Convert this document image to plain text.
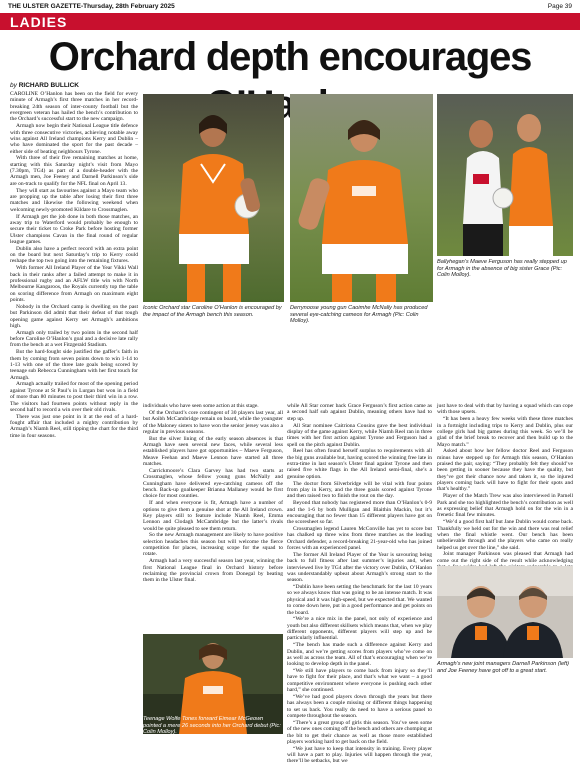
THE ULSTER GAZETTE-Thursday, 28th February 2025	Page 39
LADIES
Orchard depth encourages
by RICHARD BULLICK

CAROLINE O’Hanlon has been on the field for every minute of Armagh’s first three matches in her record-breaking 24th season of inter-county football but the evergreen veteran has hailed the bench’s contribution to the Orchard’s successful start to the new campaign.

Armagh now begin their National League title defence with three consecutive victories, achieving notable away wins against All Ireland champions Kerry and Dublin – who have dominated the sport for the past decade – either side of beating neighbours Tyrone.

With three of their five remaining matches at home, starting with this Saturday night’s visit from Mayo (7.30pm, TG4) as part of a double-header with the Armagh men, Joe Feeney and Darnell Parkinson’s side are on-track to qualify for the NFL final on April 13.

They will start as favourites against a Mayo team who are propping up the table after losing their first three matches and likewise the following weekend when welcoming newly-promoted Kildare to Crossmaglen.

If Armagh get the job done in both those matches, an away trip to Waterford would probably be enough to secure their ticket to Croke Park before hosting former Ulster champions Cavan in the final round of regular league games.

Dublin also have a perfect record with an extra point on the board but next Saturday’s trip to Kerry could reshape the top two going into the remaining fixtures.

With former All Ireland Player of the Year Vikki Wall back in their ranks after a failed attempt to make it in professional rugby and an AFLW title win with North Melbourne Kangaroos, the Royals currently top the table on scoring difference from Armagh on maximum eight points.

Nobody in the Orchard camp is dwelling on the past but Parkinson did admit that their defeat of that tough opening game against Kerry set Armagh’s ambitions high.

Armagh only trailed by two points in the second half before Caroline O’Hanlon’s goal and a decisive late rally from the bench at a wet Fitzgerald Stadium.

But the hard-fought side justified the gaffer’s faith in them by coming from seven points down to win 1-14 to 1-13 with one of the three late goals being scored by teenage sub Rebecca Cunningham with her first touch for Armagh.

Armagh actually trailed for most of the opening period against Tyrone at St Paul’s in Lurgan but won in a field of more than 80 minutes to post their third win in a row. The visitors had fourteen points without reply in the second half to record a win over their old rivals.

There was just one point in it at the end of a hard-fought affair that included a mighty contribution by Armagh’s Niamh Reel, still tipping the chart for the third time in four seasons.

individuals who have seen some action at this stage.

Of the Orchard’s core contingent of 30 players last year, all but Aoibh McCambridge remain on board, while the youngster of the Maloney sisters to have won the senior jersey was also a regular in previous seasons.

But the silver lining of the early season absences is that Armagh have seen several new faces, while several less established players have got opportunities – Maeve Ferguson, Meave Feehan and Maeve Lennon have started all three matches.

Carrickmoore’s Clara Garvey has had two starts at Crossmaglen, whose fellow young guns McNally and Cunningham have delivered eye-catching cameos off the bench. Back-up goalkeeper Brianna Mallaney would be first choice for most counties.

If and when everyone is fit, Armagh have a number of options to give them a genuine shot at the All Ireland crown. Key players still to feature include Niamh Reel, Emma Lennon and Clodagh McCambridge but the latter’s rivals would be quite pleased to see them return.

So the new Armagh management are likely to have positive selection headaches this season but will welcome the fierce competition for places, increasing scope for the squad to rotate.

Armagh had a very successful season last year, winning the first National League final in Orchard history before reclaiming the provincial crown from Donegal by beating them in the Ulster final.

while All Star corner back Grace Ferguson’s first action came as a second half sub against Dublin, meaning others have had to step up.

All Star nominee Caitriona Cousins gave the best individual display of the game against Kerry, while Niamh Reel ran in three times with her first action against Tyrone and Ferguson had a spell on the pitch against Dublin.

Reel has often found herself surplus to requirements with all the big guns available but, having scored the winning free late in extra-time in last season’s Ulster final against Tyrone and then raised five white flags in the All Ireland semi-final, she’s a genuine option.

The doctor from Silverbridge will be vital with four points from play in Kerry, and the three goals scored against Tyrone and then raised two to finish the rout on the day.

Beyond that nobody has registered more than O’Hanlon’s 0-9 and the 1-6 by both Mulligan and Blaithin Mackin, but it’s encouraging that no fewer than 15 different players have got on the scoresheet so far.

Crossmaglen legend Lauren McConville has yet to score but has chalked up three wins from three matches as the leading Orchard defender, a record-breaking 21-year-old who has joined forces with an experienced panel.

The former All Ireland Player of the Year is savouring being back to full fitness after last summer’s injuries and, when interviewed live by TG4 after the victory over Dublin, O’Hanlon was understandably upbeat about Armagh’s strong start to the season.

“Dublin have been setting the benchmark for the last 10 years so we always know that was going to be an intense match. It was physical and it was high-speed, but we expected that. We wanted to come down here, put in a good performance and get points on the board.

“We’re a nice mix in the panel, not only of experience and youth but also different skillsets which means that, when we play different opponents, different players will step up and be particularly influential.

“The bench has made such a difference against Kerry and Dublin, and we’re getting scores from players who’ve come on as well as across the team. All of that’s encouraging when we’re looking to develop depth in the panel.

“We still have players to come back from injury so they’ll have to fight for their place, and that’s what we want – a good competitive environment where everyone is pushing each other hard,” she continued.

“We’ve had good players down through the years but there has always been a couple missing or different things happening to set us back. You really do need to have a serious panel to compete throughout the season.

“There’s a great group of girls this season. You’ve seen some of the new ones coming off the bench and others are chomping at the bit to get their chance as well as those more established players working hard to get back on the field.

“We just have to keep that intensity in training. Every player will have a part to play. Injuries will happen through the year, there’ll be setbacks, but we

just have to deal with that by having a squad which can cope with those upsets.

“It has been a heavy few weeks with these three matches in a fortnight including trips to Kerry and Dublin, plus our college girls had big games during this week. So we’ll be glad of the brief break to recover and then build up to the Mayo match.”

Asked about how her fellow doctor Reel and Ferguson minus have stepped up for Armagh this season, O’Hanlon praised the pair, saying: “They probably felt they should’ve been getting in sooner because they have the quality, but they’ve got their chance now and taken it, so the injured players coming back will have to fight for their spots and that’s healthy.”

Player of the Match Trew was also interviewed in Parnell Park and she too highlighted the bench’s contribution as well as expressing belief that Armagh hold on for the win in a frenetic final few minutes.

“We’d a good first half but Jane Dublin would come back. Thankfully we held out for the win and there was real relief when the final whistle went. Our bench has been unbelievable through and the players who came on really helped us get over the line,” she said.

Joint manager Parkinson was pleased that Armagh had come out the right side of the result while acknowledging

Iconic Orchard star Caroline O’Hanlon is encouraged by the impact of the Armagh bench this season.
Derrynoose young gun Caoimhe McNally has produced several eye-catching cameos for Armagh (Pic: Colin Molloy).
Ballyhegan’s Maeve Ferguson has really stepped up for Armagh in the absence of big sister Grace (Pic: Colin Molloy).
Teenage Wolfe Tones forward Eimear McGeown pointed a mere 26 seconds into her Orchard debut (Pic: Colin Molloy).
Armagh’s new joint managers Darnell Parkinson (left) and Joe Feeney have got off to a great start.
